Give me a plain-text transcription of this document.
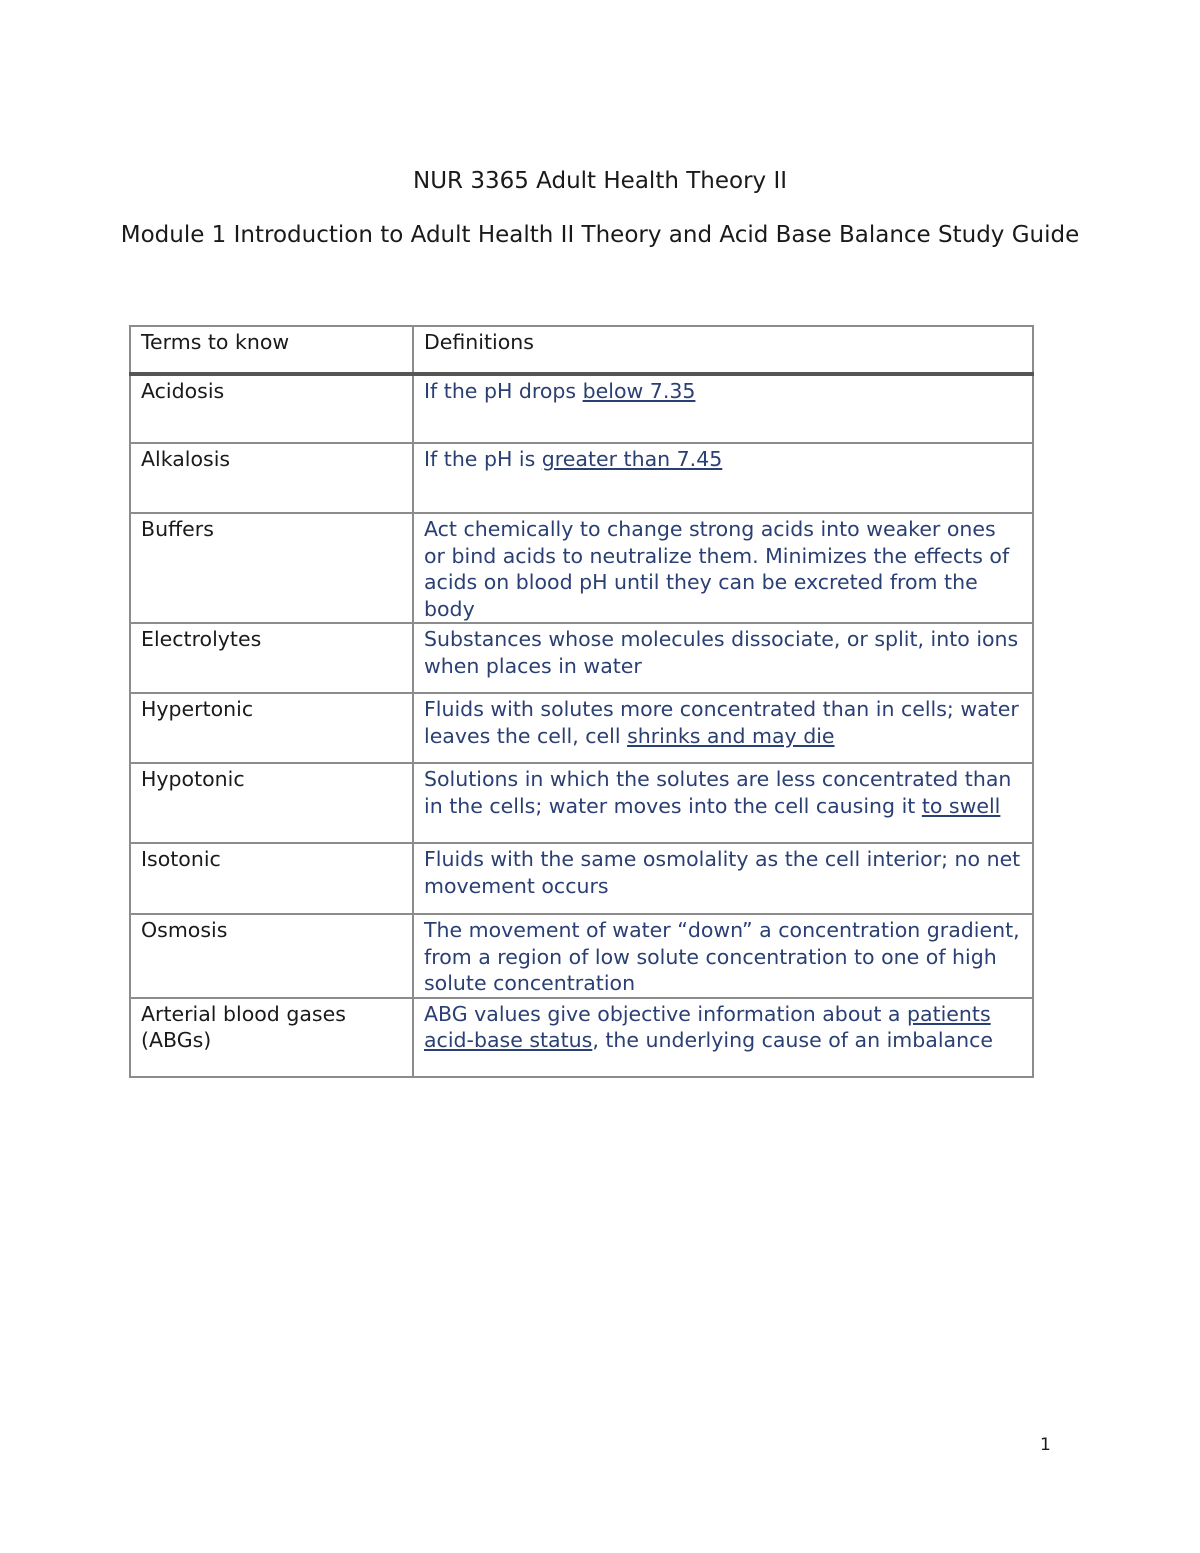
NUR 3365 Adult Health Theory II
Module 1 Introduction to Adult Health II Theory and Acid Base Balance Study Guide
Terms to know	Definitions
Acidosis	If the pH drops below 7.35
Alkalosis	If the pH is greater than 7.45
Buffers	Act chemically to change strong acids into weaker ones or bind acids to neutralize them. Minimizes the effects of acids on blood pH until they can be excreted from the body
Electrolytes	Substances whose molecules dissociate, or split, into ions when places in water
Hypertonic	Fluids with solutes more concentrated than in cells; water leaves the cell, cell shrinks and may die
Hypotonic	Solutions in which the solutes are less concentrated than in the cells; water moves into the cell causing it to swell
Isotonic	Fluids with the same osmolality as the cell interior; no net movement occurs
Osmosis	The movement of water “down” a concentration gradient, from a region of low solute concentration to one of high solute concentration
Arterial blood gases (ABGs)	ABG values give objective information about a patients acid-base status, the underlying cause of an imbalance
1
